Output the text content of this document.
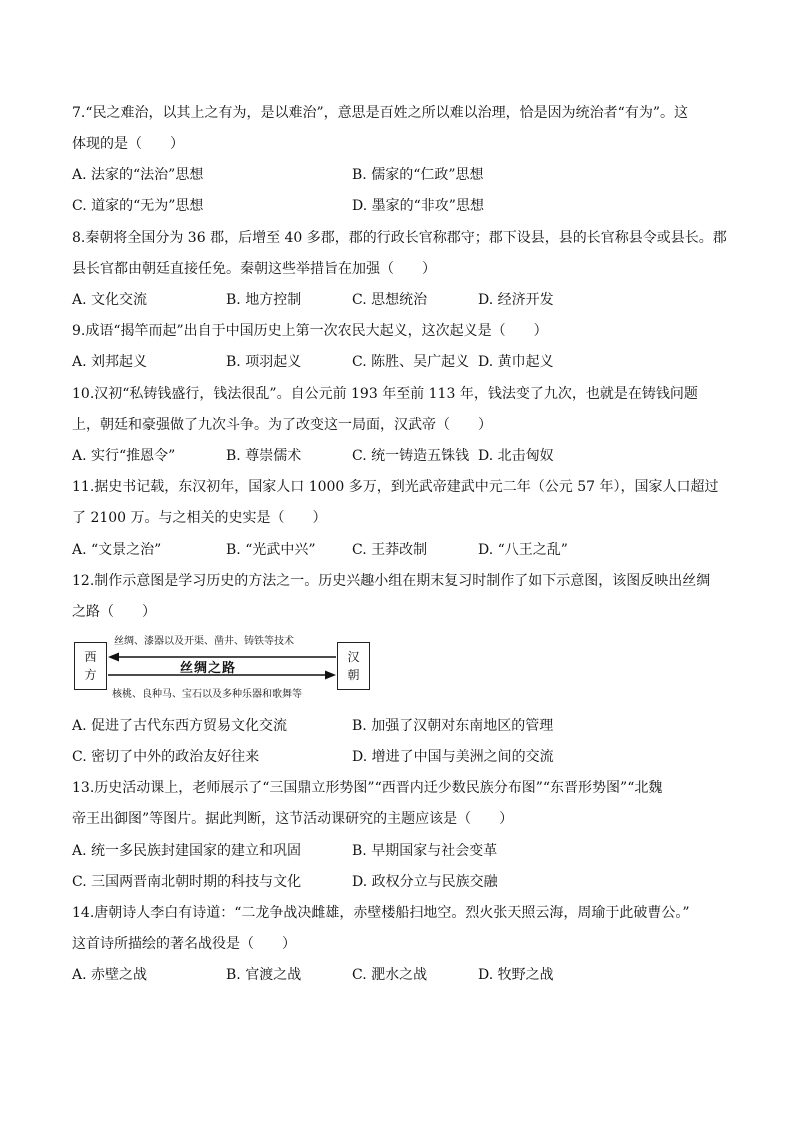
7.“民之难治，以其上之有为，是以难治”，意思是百姓之所以难以治理，恰是因为统治者“有为”。这
体现的是（　　）
A. 法家的“法治”思想	B. 儒家的“仁政”思想
C. 道家的“无为”思想	D. 墨家的“非攻”思想
8.秦朝将全国分为 36 郡，后增至 40 多郡，郡的行政长官称郡守；郡下设县，县的长官称县令或县长。郡
县长官都由朝廷直接任免。秦朝这些举措旨在加强（　　）
A. 文化交流	B. 地方控制	C. 思想统治	D. 经济开发
9.成语“揭竿而起”出自于中国历史上第一次农民大起义，这次起义是（　　）
A. 刘邦起义	B. 项羽起义	C. 陈胜、吴广起义 D. 黄巾起义
10.汉初“私铸钱盛行，钱法很乱”。自公元前 193 年至前 113 年，钱法变了九次，也就是在铸钱问题
上，朝廷和豪强做了九次斗争。为了改变这一局面，汉武帝（　　）
A. 实行“推恩令”	B. 尊崇儒术	C. 统一铸造五铢钱 D. 北击匈奴
11.据史书记载，东汉初年，国家人口 1000 多万，到光武帝建武中元二年（公元 57 年），国家人口超过
了 2100 万。与之相关的史实是（　　）
A. “文景之治”	B. “光武中兴”	C. 王莽改制	D. “八王之乱”
12.制作示意图是学习历史的方法之一。历史兴趣小组在期末复习时制作了如下示意图，该图反映出丝绸
之路（　　）
丝绸、漆器以及开渠、凿井、铸铁等技术
西
方	丝绸之路
汉
朝
核桃、良种马、宝石以及多种乐器和歌舞等
A. 促进了古代东西方贸易文化交流	B. 加强了汉朝对东南地区的管理
C. 密切了中外的政治友好往来	D. 增进了中国与美洲之间的交流
13.历史活动课上，老师展示了“三国鼎立形势图”“西晋内迁少数民族分布图”“东晋形势图”“北魏
帝王出御图”等图片。据此判断，这节活动课研究的主题应该是（　　）
A. 统一多民族封建国家的建立和巩固	B. 早期国家与社会变革
C. 三国两晋南北朝时期的科技与文化	D. 政权分立与民族交融
14.唐朝诗人李白有诗道：“二龙争战决雌雄，赤壁楼船扫地空。烈火张天照云海，周瑜于此破曹公。”
这首诗所描绘的著名战役是（　　）
A. 赤壁之战	B. 官渡之战	C. 淝水之战	D. 牧野之战
